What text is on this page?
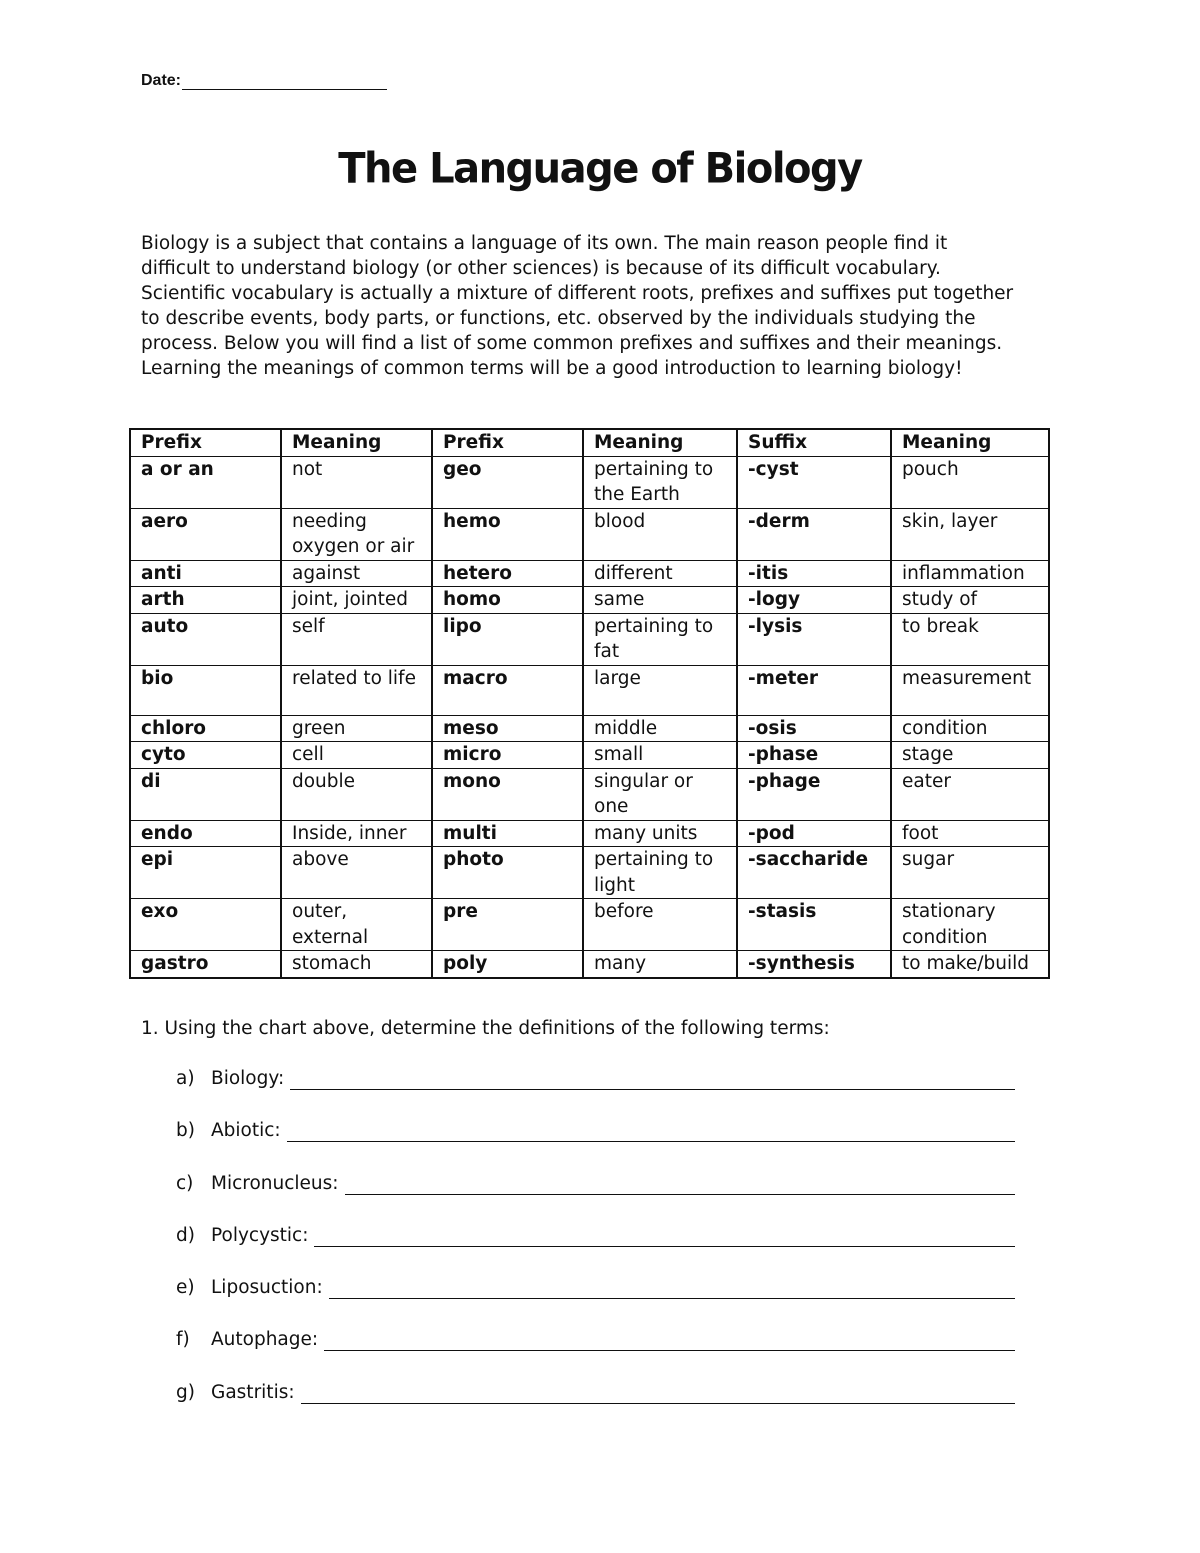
Date:
The Language of Biology

Biology is a subject that contains a language of its own. The main reason people find it difficult to understand biology (or other sciences) is because of its difficult vocabulary. Scientific vocabulary is actually a mixture of different roots, prefixes and suffixes put together to describe events, body parts, or functions, etc. observed by the individuals studying the process. Below you will find a list of some common prefixes and suffixes and their meanings. Learning the meanings of common terms will be a good introduction to learning biology!

Prefix	Meaning	Prefix	Meaning	Suffix	Meaning
a or an	not	geo	pertaining to the Earth	-cyst	pouch
aero	needing oxygen or air	hemo	blood	-derm	skin, layer
anti	against	hetero	different	-itis	inflammation
arth	joint, jointed	homo	same	-logy	study of
auto	self	lipo	pertaining to fat	-lysis	to break
bio	related to life	macro	large	-meter	measurement
chloro	green	meso	middle	-osis	condition
cyto	cell	micro	small	-phase	stage
di	double	mono	singular or one	-phage	eater
endo	Inside, inner	multi	many units	-pod	foot
epi	above	photo	pertaining to light	-saccharide	sugar
exo	outer, external	pre	before	-stasis	stationary condition
gastro	stomach	poly	many	-synthesis	to make/build
1. Using the chart above, determine the definitions of the following terms:
a) Biology:
b) Abiotic:
c) Micronucleus:
d) Polycystic:
e) Liposuction:
f)	Autophage:
g) Gastritis:
